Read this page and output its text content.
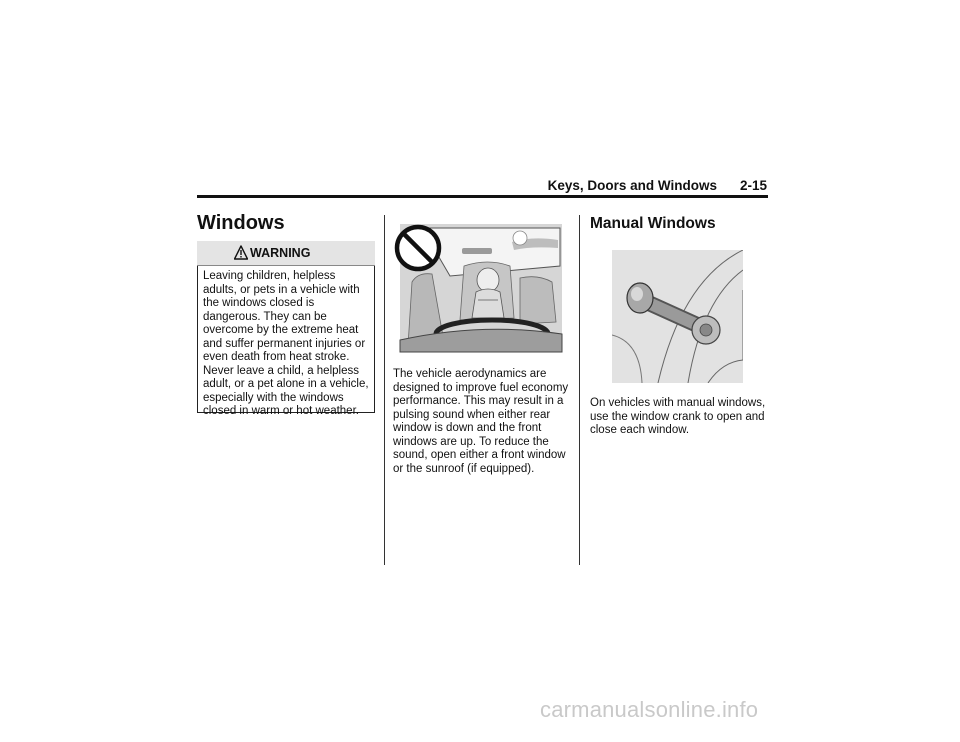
Keys, Doors and Windows	2-15
Windows
WARNING
Leaving children, helpless adults, or pets in a vehicle with the windows closed is dangerous. They can be overcome by the extreme heat and suffer permanent injuries or even death from heat stroke. Never leave a child, a helpless adult, or a pet alone in a vehicle, especially with the windows closed in warm or hot weather.
The vehicle aerodynamics are designed to improve fuel economy performance. This may result in a pulsing sound when either rear window is down and the front windows are up. To reduce the sound, open either a front window or the sunroof (if equipped).
Manual Windows
On vehicles with manual windows, use the window crank to open and close each window.
carmanualsonline.info
